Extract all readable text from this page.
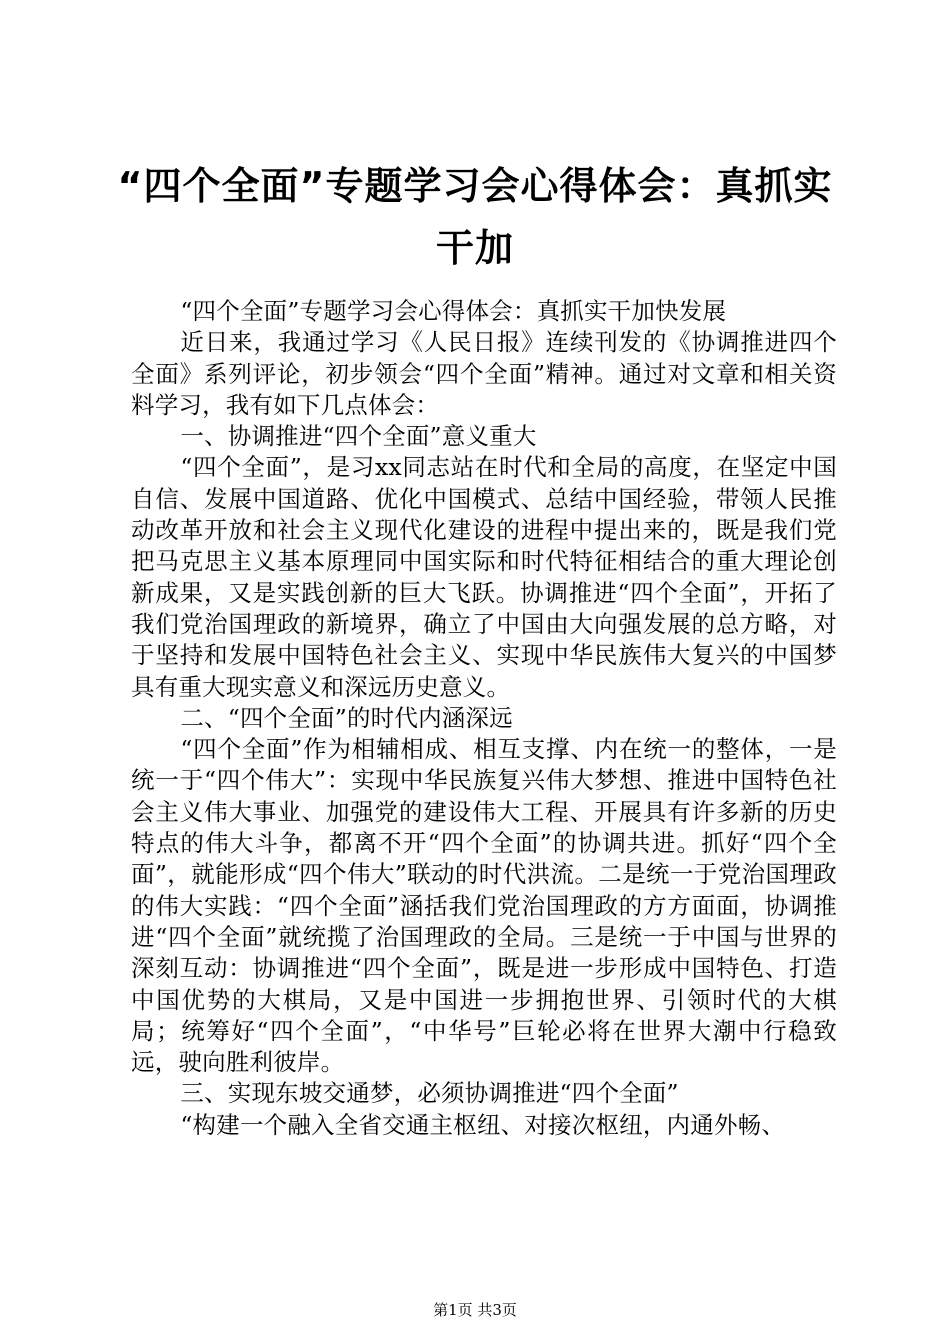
“四个全面”专题学习会心得体会：真抓实干加

“四个全面”专题学习会心得体会：真抓实干加快发展

近日来，我通过学习《人民日报》连续刊发的《协调推进四个全面》系列评论，初步领会“四个全面”精神。通过对文章和相关资料学习，我有如下几点体会：

一、协调推进“四个全面”意义重大

“四个全面”，是习xx同志站在时代和全局的高度，在坚定中国自信、发展中国道路、优化中国模式、总结中国经验，带领人民推动改革开放和社会主义现代化建设的进程中提出来的，既是我们党把马克思主义基本原理同中国实际和时代特征相结合的重大理论创新成果，又是实践创新的巨大飞跃。协调推进“四个全面”，开拓了我们党治国理政的新境界，确立了中国由大向强发展的总方略，对于坚持和发展中国特色社会主义、实现中华民族伟大复兴的中国梦具有重大现实意义和深远历史意义。

二、“四个全面”的时代内涵深远

“四个全面”作为相辅相成、相互支撑、内在统一的整体，一是统一于“四个伟大”：实现中华民族复兴伟大梦想、推进中国特色社会主义伟大事业、加强党的建设伟大工程、开展具有许多新的历史特点的伟大斗争，都离不开“四个全面”的协调共进。抓好“四个全面”，就能形成“四个伟大”联动的时代洪流。二是统一于党治国理政的伟大实践：“四个全面”涵括我们党治国理政的方方面面，协调推进“四个全面”就统揽了治国理政的全局。三是统一于中国与世界的深刻互动：协调推进“四个全面”，既是进一步形成中国特色、打造中国优势的大棋局，又是中国进一步拥抱世界、引领时代的大棋局；统筹好“四个全面”，“中华号”巨轮必将在世界大潮中行稳致远，驶向胜利彼岸。

三、实现东坡交通梦，必须协调推进“四个全面”

“构建一个融入全省交通主枢纽、对接次枢纽，内通外畅、

第1页 共3页
